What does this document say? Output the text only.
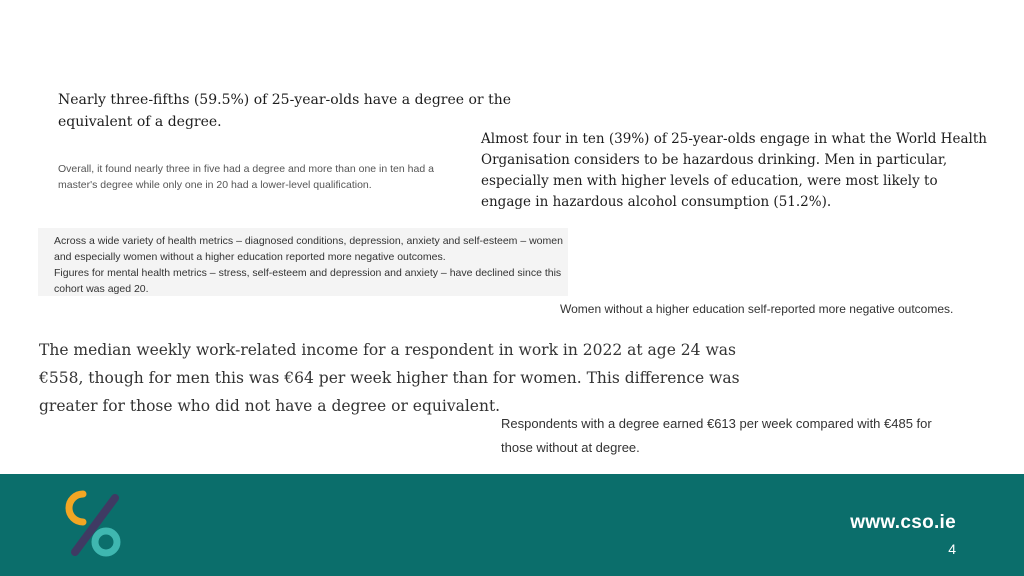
Nearly three-fifths (59.5%) of 25-year-olds have a degree or the equivalent of a degree.

Overall, it found nearly three in five had a degree and more than one in ten had a master's degree while only one in 20 had a lower-level qualification.

Almost four in ten (39%) of 25-year-olds engage in what the World Health Organisation considers to be hazardous drinking. Men in particular, especially men with higher levels of education, were most likely to engage in hazardous alcohol consumption (51.2%).

Across a wide variety of health metrics – diagnosed conditions, depression, anxiety and self-esteem – women and especially women without a higher education reported more negative outcomes.

Figures for mental health metrics – stress, self-esteem and depression and anxiety – have declined since this cohort was aged 20.

Women without a higher education self-reported more negative outcomes.

The median weekly work-related income for a respondent in work in 2022 at age 24 was €558, though for men this was €64 per week higher than for women. This difference was greater for those who did not have a degree or equivalent.

Respondents with a degree earned €613 per week compared with €485 for those without at degree.

www.cso.ie
4
